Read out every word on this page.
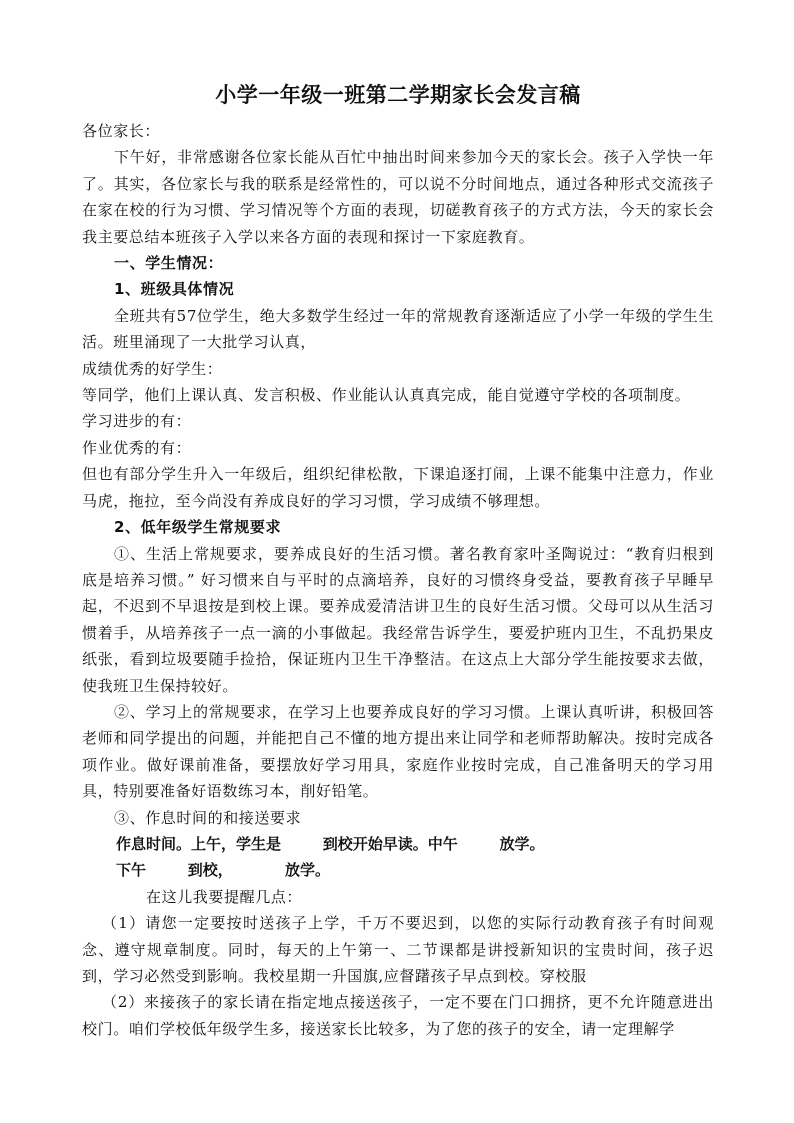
小学一年级一班第二学期家长会发言稿

各位家长：

下午好，非常感谢各位家长能从百忙中抽出时间来参加今天的家长会。孩子入学快一年了。其实，各位家长与我的联系是经常性的，可以说不分时间地点，通过各种形式交流孩子在家在校的行为习惯、学习情况等个方面的表现，切磋教育孩子的方式方法，今天的家长会我主要总结本班孩子入学以来各方面的表现和探讨一下家庭教育。

一、学生情况：

1、班级具体情况

全班共有57位学生，绝大多数学生经过一年的常规教育逐渐适应了小学一年级的学生生活。班里涌现了一大批学习认真，

成绩优秀的好学生：

等同学，他们上课认真、发言积极、作业能认认真真完成，能自觉遵守学校的各项制度。

学习进步的有：

作业优秀的有：

但也有部分学生升入一年级后，组织纪律松散，下课追逐打闹，上课不能集中注意力，作业马虎，拖拉，至今尚没有养成良好的学习习惯，学习成绩不够理想。

2、低年级学生常规要求

①、生活上常规要求，要养成良好的生活习惯。著名教育家叶圣陶说过：“教育归根到底是培养习惯。” 好习惯来自与平时的点滴培养，良好的习惯终身受益，要教育孩子早睡早起，不迟到不早退按是到校上课。要养成爱清洁讲卫生的良好生活习惯。父母可以从生活习惯着手，从培养孩子一点一滴的小事做起。我经常告诉学生，要爱护班内卫生，不乱扔果皮纸张，看到垃圾要随手捡拾，保证班内卫生干净整洁。在这点上大部分学生能按要求去做，使我班卫生保持较好。

②、学习上的常规要求，在学习上也要养成良好的学习习惯。上课认真听讲，积极回答老师和同学提出的问题，并能把自己不懂的地方提出来让同学和老师帮助解决。按时完成各项作业。做好课前准备，要摆放好学习用具，家庭作业按时完成，自己准备明天的学习用具，特别要准备好语数练习本，削好铅笔。

③、作息时间的和接送要求

作息时间。上午，学生是        到校开始早读。中午        放学。

下午        到校，          放学。

在这儿我要提醒几点：

（1）请您一定要按时送孩子上学，千万不要迟到，以您的实际行动教育孩子有时间观念、遵守规章制度。同时，每天的上午第一、二节课都是讲授新知识的宝贵时间，孩子迟到，学习必然受到影响。我校星期一升国旗,应督躇孩子早点到校。穿校服

（2）来接孩子的家长请在指定地点接送孩子，一定不要在门口拥挤，更不允许随意进出校门。咱们学校低年级学生多，接送家长比较多，为了您的孩子的安全，请一定理解学
